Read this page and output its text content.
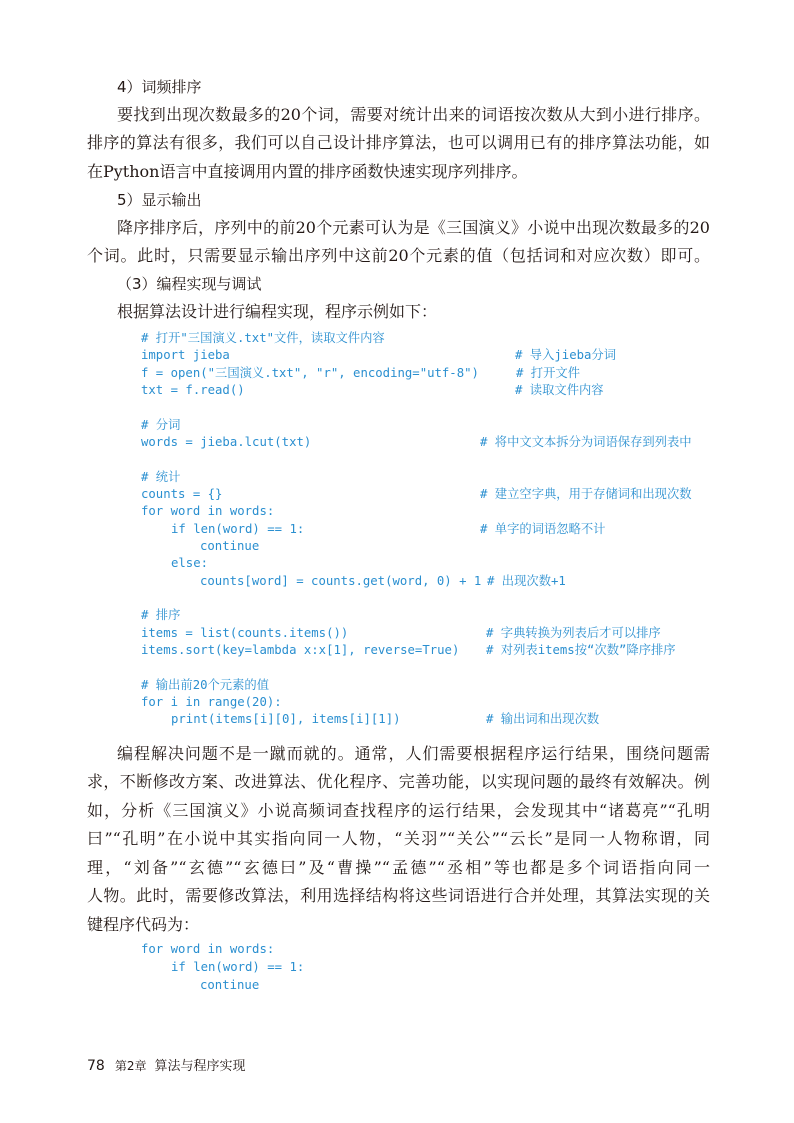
4）词频排序
要找到出现次数最多的20个词，需要对统计出来的词语按次数从大到小进行排序。
排序的算法有很多，我们可以自己设计排序算法，也可以调用已有的排序算法功能，如
在Python语言中直接调用内置的排序函数快速实现序列排序。
5）显示输出
降序排序后，序列中的前20个元素可认为是《三国演义》小说中出现次数最多的20
个词。此时，只需要显示输出序列中这前20个元素的值（包括词和对应次数）即可。
（3）编程实现与调试
根据算法设计进行编程实现，程序示例如下：
# 打开"三国演义.txt"文件，读取文件内容
import jieba	# 导入jieba分词
f = open("三国演义.txt", "r", encoding="utf-8")	# 打开文件
txt = f.read()	# 读取文件内容
# 分词
words = jieba.lcut(txt)	# 将中文文本拆分为词语保存到列表中
# 统计
counts = {}	# 建立空字典，用于存储词和出现次数
for word in words:
if len(word) == 1:	# 单字的词语忽略不计
continue
else:
counts[word] = counts.get(word, 0) + 1 # 出现次数+1
# 排序
items = list(counts.items())	# 字典转换为列表后才可以排序
items.sort(key=lambda x:x[1], reverse=True) # 对列表items按“次数”降序排序
# 输出前20个元素的值
for i in range(20):
print(items[i][0], items[i][1])	# 输出词和出现次数
编程解决问题不是一蹴而就的。通常，人们需要根据程序运行结果，围绕问题需
求，不断修改方案、改进算法、优化程序、完善功能，以实现问题的最终有效解决。例
如，分析《三国演义》小说高频词查找程序的运行结果，会发现其中“诸葛亮”“孔明
曰”“孔明”在小说中其实指向同一人物，“关羽”“关公”“云长”是同一人物称谓，同
理，“刘备”“玄德”“玄德曰”及“曹操”“孟德”“丞相”等也都是多个词语指向同一
人物。此时，需要修改算法，利用选择结构将这些词语进行合并处理，其算法实现的关
键程序代码为：
for word in words:
if len(word) == 1:
continue
78 第2章 算法与程序实现
